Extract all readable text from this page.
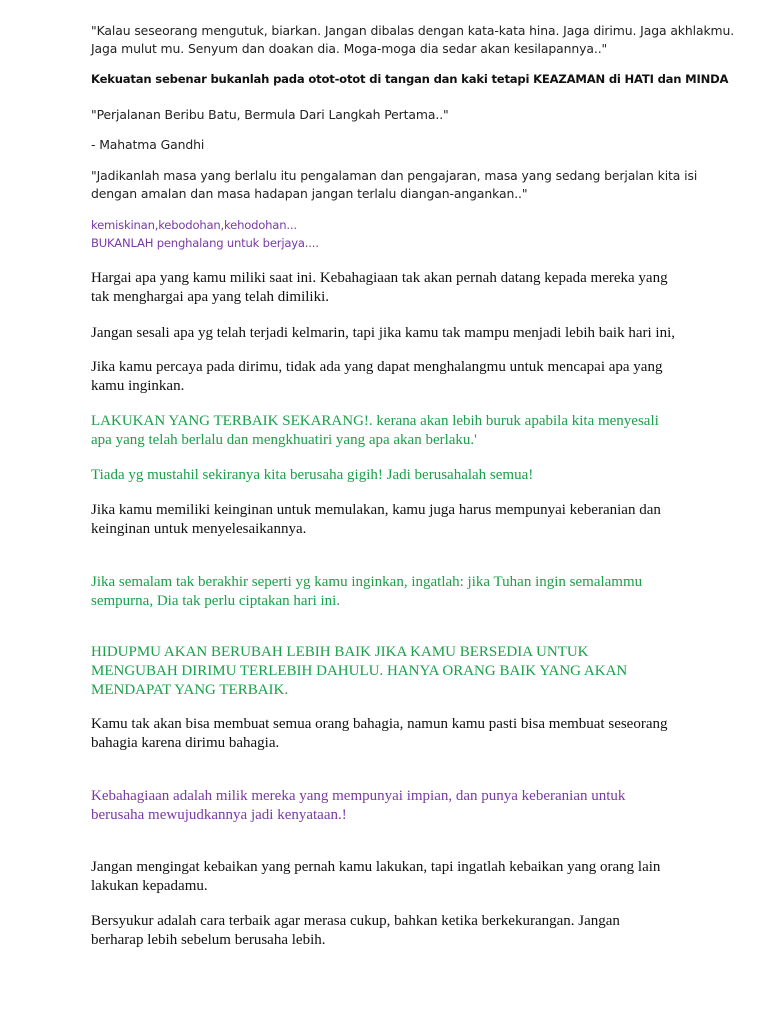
"Kalau seseorang mengutuk, biarkan. Jangan dibalas dengan kata-kata hina. Jaga dirimu. Jaga akhlakmu.
Jaga mulut mu. Senyum dan doakan dia. Moga-moga dia sedar akan kesilapannya.."

Kekuatan sebenar bukanlah pada otot-otot di tangan dan kaki tetapi KEAZAMAN di HATI dan MINDA

"Perjalanan Beribu Batu, Bermula Dari Langkah Pertama.."

- Mahatma Gandhi

"Jadikanlah masa yang berlalu itu pengalaman dan pengajaran, masa yang sedang berjalan kita isi
dengan amalan dan masa hadapan jangan terlalu diangan-angankan.."

kemiskinan,kebodohan,kehodohan...
BUKANLAH penghalang untuk berjaya....

Hargai apa yang kamu miliki saat ini. Kebahagiaan tak akan pernah datang kepada mereka yang
tak menghargai apa yang telah dimiliki.

Jangan sesali apa yg telah terjadi kelmarin, tapi jika kamu tak mampu menjadi lebih baik hari ini,

Jika kamu percaya pada dirimu, tidak ada yang dapat menghalangmu untuk mencapai apa yang
kamu inginkan.

LAKUKAN YANG TERBAIK SEKARANG!. kerana akan lebih buruk apabila kita menyesali
apa yang telah berlalu dan mengkhuatiri yang apa akan berlaku.'

Tiada yg mustahil sekiranya kita berusaha gigih! Jadi berusahalah semua!

Jika kamu memiliki keinginan untuk memulakan, kamu juga harus mempunyai keberanian dan
keinginan untuk menyelesaikannya.

Jika semalam tak berakhir seperti yg kamu inginkan, ingatlah: jika Tuhan ingin semalammu
sempurna, Dia tak perlu ciptakan hari ini.

HIDUPMU AKAN BERUBAH LEBIH BAIK JIKA KAMU BERSEDIA UNTUK
MENGUBAH DIRIMU TERLEBIH DAHULU. HANYA ORANG BAIK YANG AKAN
MENDAPAT YANG TERBAIK.

Kamu tak akan bisa membuat semua orang bahagia, namun kamu pasti bisa membuat seseorang
bahagia karena dirimu bahagia.

Kebahagiaan adalah milik mereka yang mempunyai impian, dan punya keberanian untuk
berusaha mewujudkannya jadi kenyataan.!

Jangan mengingat kebaikan yang pernah kamu lakukan, tapi ingatlah kebaikan yang orang lain
lakukan kepadamu.

Bersyukur adalah cara terbaik agar merasa cukup, bahkan ketika berkekurangan. Jangan
berharap lebih sebelum berusaha lebih.
